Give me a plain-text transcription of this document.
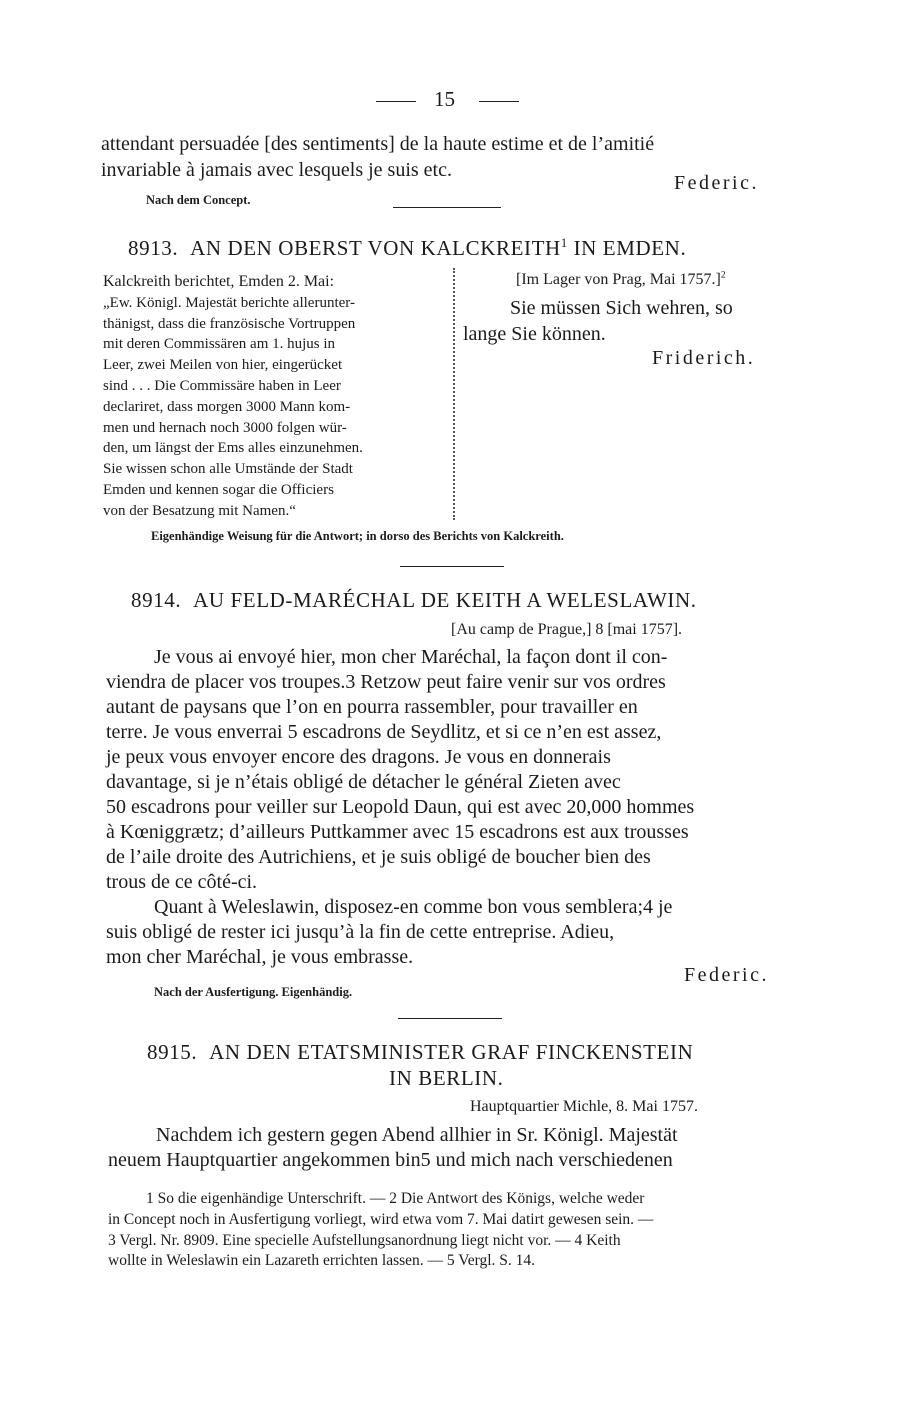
15
attendant persuadée [des sentiments] de la haute estime et de l’amitié
invariable à jamais avec lesquels je suis etc.
Federic.
Nach dem Concept.
8913. AN DEN OBERST VON KALCKREITH$^1$ IN EMDEN.
Kalckreith berichtet, Emden 2. Mai:
„Ew. Königl. Majestät berichte allerunter-
thänigst, dass die französische Vortruppen
mit deren Commissären am 1. hujus in
Leer, zwei Meilen von hier, eingerücket
sind . . . Die Commissäre haben in Leer
declariret, dass morgen 3000 Mann kom-
men und hernach noch 3000 folgen wür-
den, um längst der Ems alles einzunehmen.
Sie wissen schon alle Umstände der Stadt
Emden und kennen sogar die Officiers
von der Besatzung mit Namen.“
[Im Lager von Prag, Mai 1757.]$^2$
Sie müssen Sich wehren, so
lange Sie können.
Friderich.
Eigenhändige Weisung für die Antwort; in dorso des Berichts von Kalckreith.
8914. AU FELD-MARÉCHAL DE KEITH A WELESLAWIN.
[Au camp de Prague,] 8 [mai 1757].
Je vous ai envoyé hier, mon cher Maréchal, la façon dont il con-
viendra de placer vos troupes.3 Retzow peut faire venir sur vos ordres
autant de paysans que l’on en pourra rassembler, pour travailler en
terre. Je vous enverrai 5 escadrons de Seydlitz, et si ce n’en est assez,
je peux vous envoyer encore des dragons. Je vous en donnerais
davantage, si je n’étais obligé de détacher le général Zieten avec
50 escadrons pour veiller sur Leopold Daun, qui est avec 20,000 hommes
à Kœniggrætz; d’ailleurs Puttkammer avec 15 escadrons est aux trousses
de l’aile droite des Autrichiens, et je suis obligé de boucher bien des
trous de ce côté-ci.
Quant à Weleslawin, disposez-en comme bon vous semblera;4 je
suis obligé de rester ici jusqu’à la fin de cette entreprise. Adieu,
mon cher Maréchal, je vous embrasse.
Federic.
Nach der Ausfertigung. Eigenhändig.
8915. AN DEN ETATSMINISTER GRAF FINCKENSTEIN
IN BERLIN.
Hauptquartier Michle, 8. Mai 1757.
Nachdem ich gestern gegen Abend allhier in Sr. Königl. Majestät
neuem Hauptquartier angekommen bin5 und mich nach verschiedenen
1 So die eigenhändige Unterschrift. — 2 Die Antwort des Königs, welche weder
in Concept noch in Ausfertigung vorliegt, wird etwa vom 7. Mai datirt gewesen sein. —
3 Vergl. Nr. 8909. Eine specielle Aufstellungsanordnung liegt nicht vor. — 4 Keith
wollte in Weleslawin ein Lazareth errichten lassen. — 5 Vergl. S. 14.
